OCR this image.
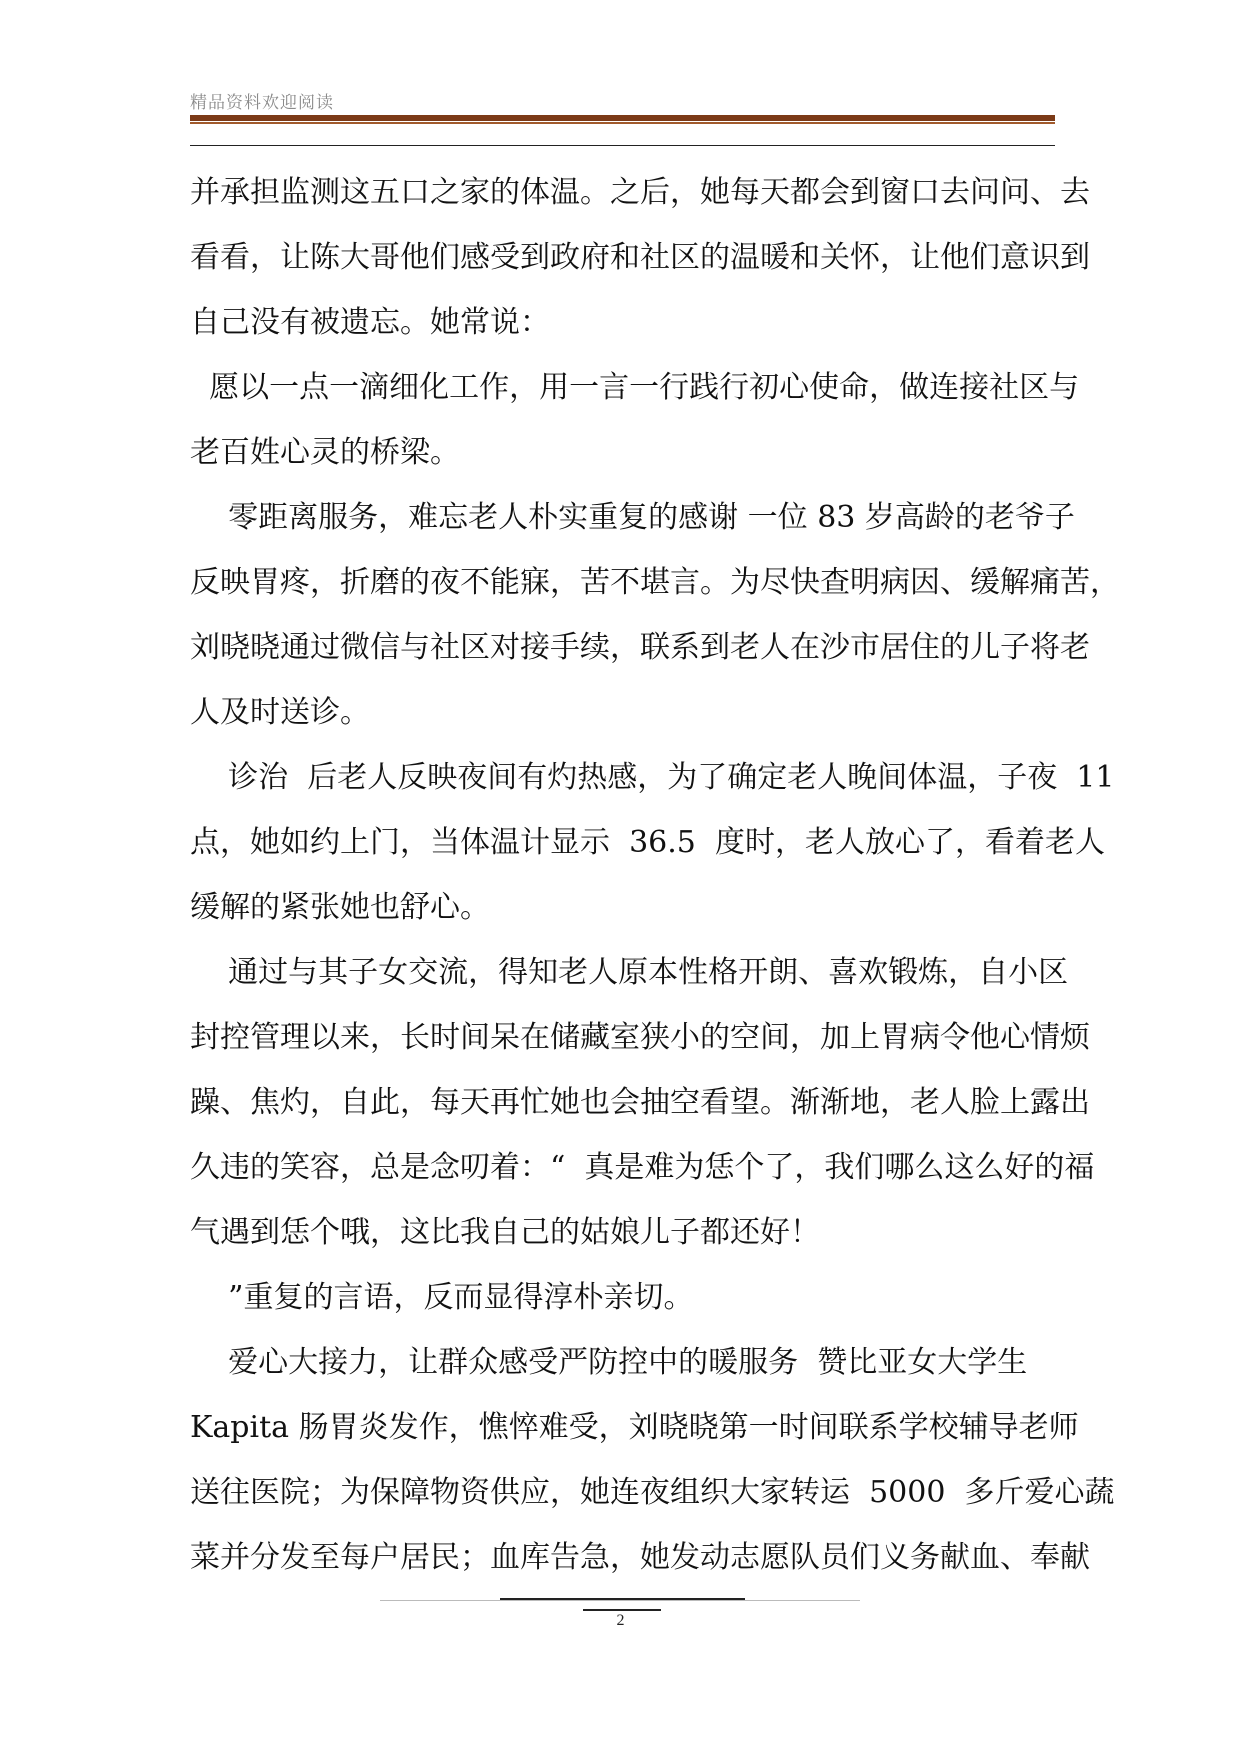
精品资料欢迎阅读
并承担监测这五口之家的体温。之后，她每天都会到窗口去问问、去
看看，让陈大哥他们感受到政府和社区的温暖和关怀，让他们意识到
自己没有被遗忘。她常说：
愿以一点一滴细化工作，用一言一行践行初心使命，做连接社区与
老百姓心灵的桥梁。
零距离服务，难忘老人朴实重复的感谢 一位 83 岁高龄的老爷子
反映胃疼，折磨的夜不能寐，苦不堪言。为尽快查明病因、缓解痛苦，
刘晓晓通过微信与社区对接手续，联系到老人在沙市居住的儿子将老
人及时送诊。
诊治  后老人反映夜间有灼热感，为了确定老人晚间体温，子夜  11
点，她如约上门，当体温计显示  36.5  度时，老人放心了，看着老人
缓解的紧张她也舒心。
通过与其子女交流，得知老人原本性格开朗、喜欢锻炼，自小区
封控管理以来，长时间呆在储藏室狭小的空间，加上胃病令他心情烦
躁、焦灼，自此，每天再忙她也会抽空看望。渐渐地，老人脸上露出
久违的笑容，总是念叨着：“  真是难为恁个了，我们哪么这么好的福
气遇到恁个哦，这比我自己的姑娘儿子都还好！
”重复的言语，反而显得淳朴亲切。
爱心大接力，让群众感受严防控中的暖服务  赞比亚女大学生
Kapita 肠胃炎发作，憔悴难受，刘晓晓第一时间联系学校辅导老师
送往医院；为保障物资供应，她连夜组织大家转运  5000  多斤爱心蔬
菜并分发至每户居民；血库告急，她发动志愿队员们义务献血、奉献
2
